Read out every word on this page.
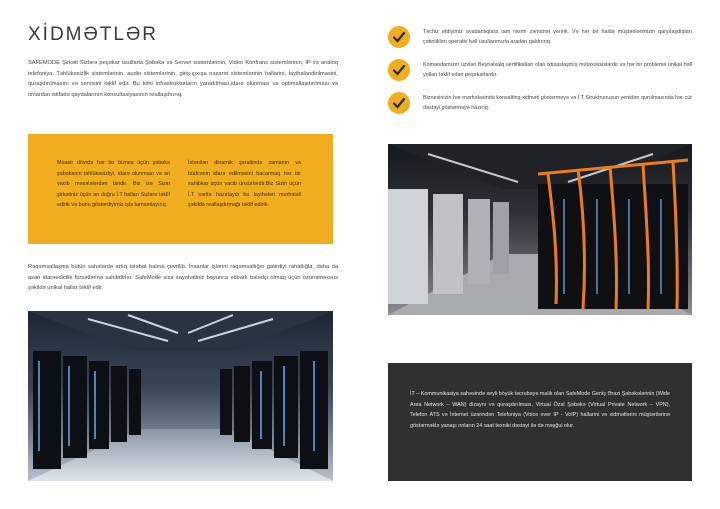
XİDMƏTLƏR

SAFEMODE Şirkəti Sizlərə peşəkar üsullarla Şəbəkə və Server sistemlərinin, Video Konfrans sistemlərinin, IP və analoq telefoniya, Təhlükəsizlik sistemlərinin, audio sistemlərinin, giriş-çıxışa nəzarət sistemlərinin hallarini, layihalandirilmasini, quraşdırılmasını və servisini təklif edir. Bu kimi infrastrukturların yaradılması,idarə olunması və optimallaşdırılması və onlardan istifadə qaydalarının konsultasiyasının reallaşdırırıq.

Müasir dövrdə hər bir biznes üçün şəbəkə şəbəkənin təhlükəsizliyi, idarə olunması və an vacib məsələlərdən biridir. Biz isə Sizin şirkətiniz üçün ən doğru İ.T halları Sizlərə təklif edirik və bunu göstərdiyimiz işlə tamamlayırıq.

İstənilən dinamik şəraitində zamanın və büdcənin idarə edilməsini bacarmaq hər bir sahibkar üçün vacib ünsürlərdir.Biz Sizin üçün İ.T xəritə hazırlayıb bu layihələri mərhələli şəkildə reallaşdırmağı təklif edirik.

Rəqəmsallaşma bütün sahələrdə artıq tələbat halına çevrilib. İnsanlar işlərini rəqəmsallığın gətirdiyi rahatlığla, daha da asan idarəedicilik fürsətlərinə sahibdirlər. SafeMode sizə sayəhətiniz boyunca etibarlı bələdçi olmaq üçün özünəməxsus şəkildə unikal hallar təklif edir.

Təchiz etdiyimiz avadanlıqlara tam rəsmi zəmanət veririk. Və hər bir halda müştərilərimizin qarşılaşdıqları çətinlikləri operativ həll üsullarımızla aradan qaldırırıq

Komandamızın üzvləri Beynəlxalq sertifikatları olan ixtisaslaşmış mütəxəssislərdir və hər bir probleme unikal həll yolları təklif edən peşəkarlardır.

Biznesinizin hər mərhələsində konsaltinq xidməti göstərməyə və İ.T Struktrunuzun yenidən qurulmasında hər cür dəstəyi göstərməyə hazırıq.

İT – Kommunikasiya sahəsində xeyli böyük təcrubəyə malik olan SafeMode Geniş Ərazi Şəbəkələrinin (Wide Area Network – WAN) dizaynı və quraşdırılması, Virtual Özəl Şəbəkə (Virtual Private Network – VPN), Telefon ATS və İnternet üzərindən Telefoniya (Voice over IP - VoIP) hallarini və xidmətlərini müştərilərinə göstərməklə yanaşı onların 24 saat texniki dəstəyi ilə də məşğul olur.
